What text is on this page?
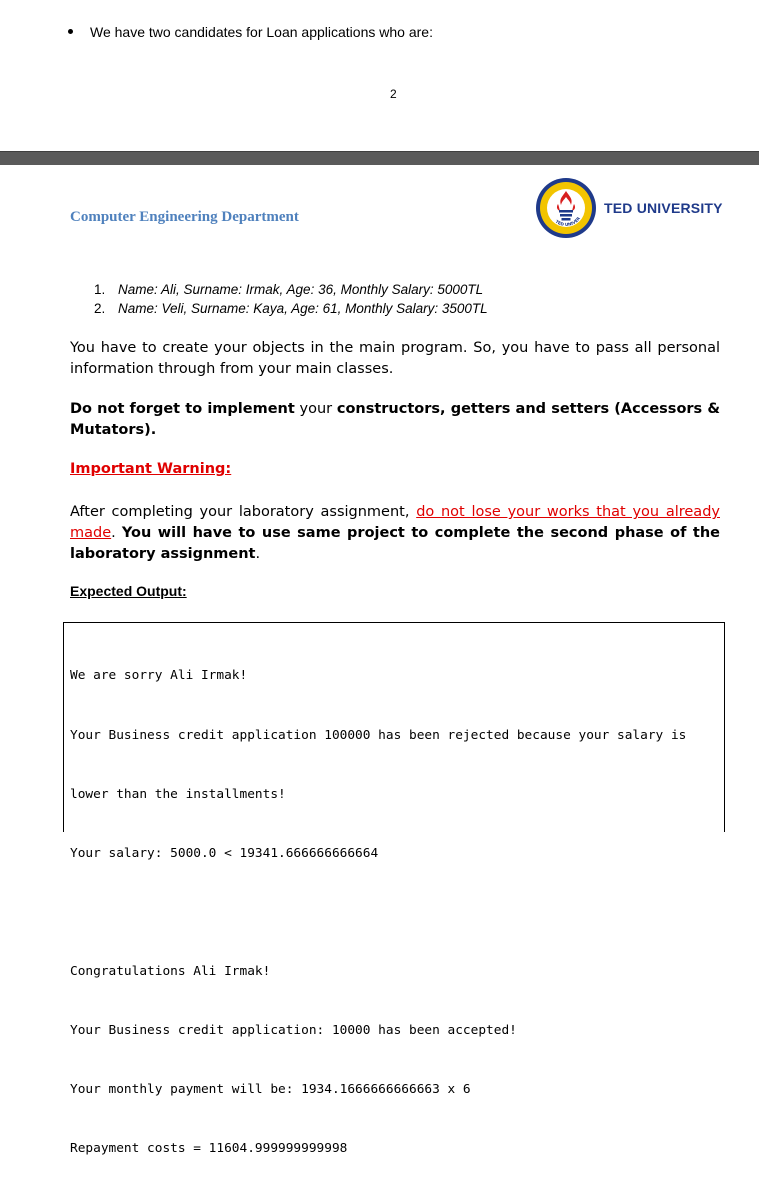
We have two candidates for Loan applications who are:
2
Computer Engineering Department	TED UNIVER
TED UNIVERSITY
1. Name: Ali, Surname: Irmak, Age: 36, Monthly Salary: 5000TL
2. Name: Veli, Surname: Kaya, Age: 61, Monthly Salary: 3500TL
You have to create your objects in the main program. So, you have to pass all personal information through from your main classes.
Do not forget to implement your constructors, getters and setters (Accessors & Mutators).
Important Warning:
After completing your laboratory assignment, do not lose your works that you already made. You will have to use same project to complete the second phase of the laboratory assignment.
Expected Output:

We are sorry Ali Irmak!

Your Business credit application 100000 has been rejected because your salary is

lower than the installments!

Your salary: 5000.0 < 19341.666666666664

Congratulations Ali Irmak!

Your Business credit application: 10000 has been accepted!

Your monthly payment will be: 1934.1666666666663 x 6

Repayment costs = 11604.999999999998
